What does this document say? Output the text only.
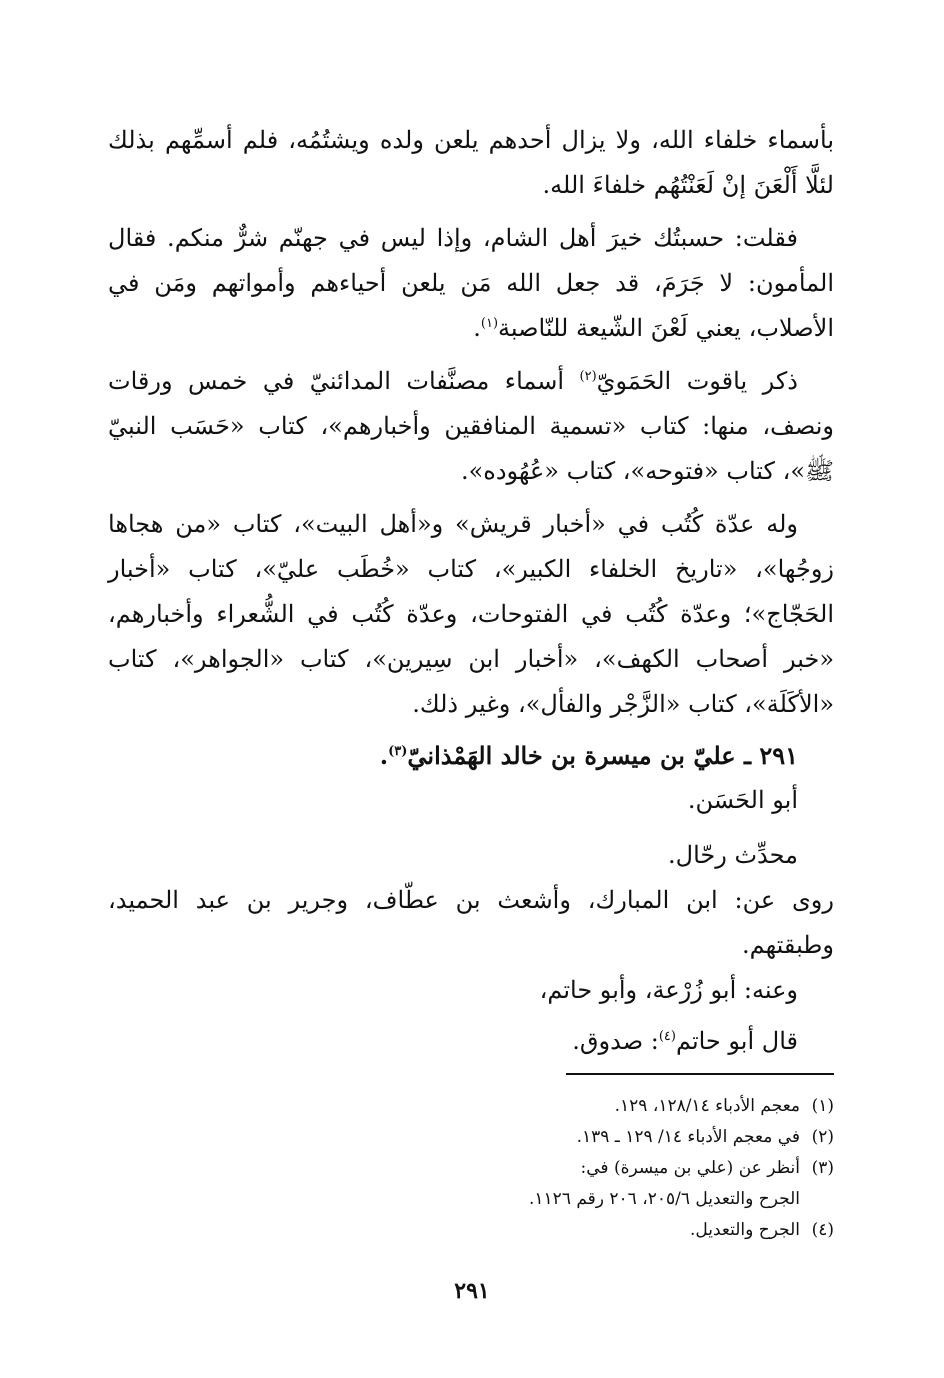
بأسماء خلفاء الله، ولا يزال أحدهم يلعن ولده ويشتُمُه، فلم أسمِّهم بذلك لئلَّا أَلْعَنَ إنْ لَعَنْتُهُم خلفاءَ الله.

فقلت: حسبتُك خيرَ أهل الشام، وإذا ليس في جهنّم شرٌّ منكم. فقال المأمون: لا جَرَمَ، قد جعل الله مَن يلعن أحياءهم وأمواتهم ومَن في الأصلاب، يعني لَعْنَ الشّيعة للنّاصبة$^{(١)}$.

ذكر ياقوت الحَمَويّ$^{(٢)}$ أسماء مصنَّفات المدائنيّ في خمس ورقات ونصف، منها: كتاب «تسمية المنافقين وأخبارهم»، كتاب «حَسَب النبيّ ﷺ»، كتاب «فتوحه»، كتاب «عُهُوده».

وله عدّة كُتُب في «أخبار قريش» و«أهل البيت»، كتاب «من هجاها زوجُها»، «تاريخ الخلفاء الكبير»، كتاب «خُطَب عليّ»، كتاب «أخبار الحَجّاج»؛ وعدّة كُتُب في الفتوحات، وعدّة كُتُب في الشُّعراء وأخبارهم، «خبر أصحاب الكهف»، «أخبار ابن سِيرين»، كتاب «الجواهر»، كتاب «الأكَلَة»، كتاب «الزَّجْر والفأل»، وغير ذلك.

٢٩١ ـ عليّ بن ميسرة بن خالد الهَمْذانيّ$^{(٣)}$.

أبو الحَسَن.

محدِّث رحّال.

روى عن: ابن المبارك، وأشعث بن عطّاف، وجرير بن عبد الحميد، وطبقتهم.

وعنه: أبو زُرْعة، وأبو حاتم،

قال أبو حاتم$^{(٤)}$: صدوق.

(١)معجم الأدباء ١٢٨/١٤، ١٢٩.

(٢)في معجم الأدباء ١٤/ ١٢٩ ـ ١٣٩.

(٣)أنظر عن (علي بن ميسرة) في:

الجرح والتعديل ٢٠٥/٦، ٢٠٦ رقم ١١٢٦.

(٤)الجرح والتعديل.

٢٩١
